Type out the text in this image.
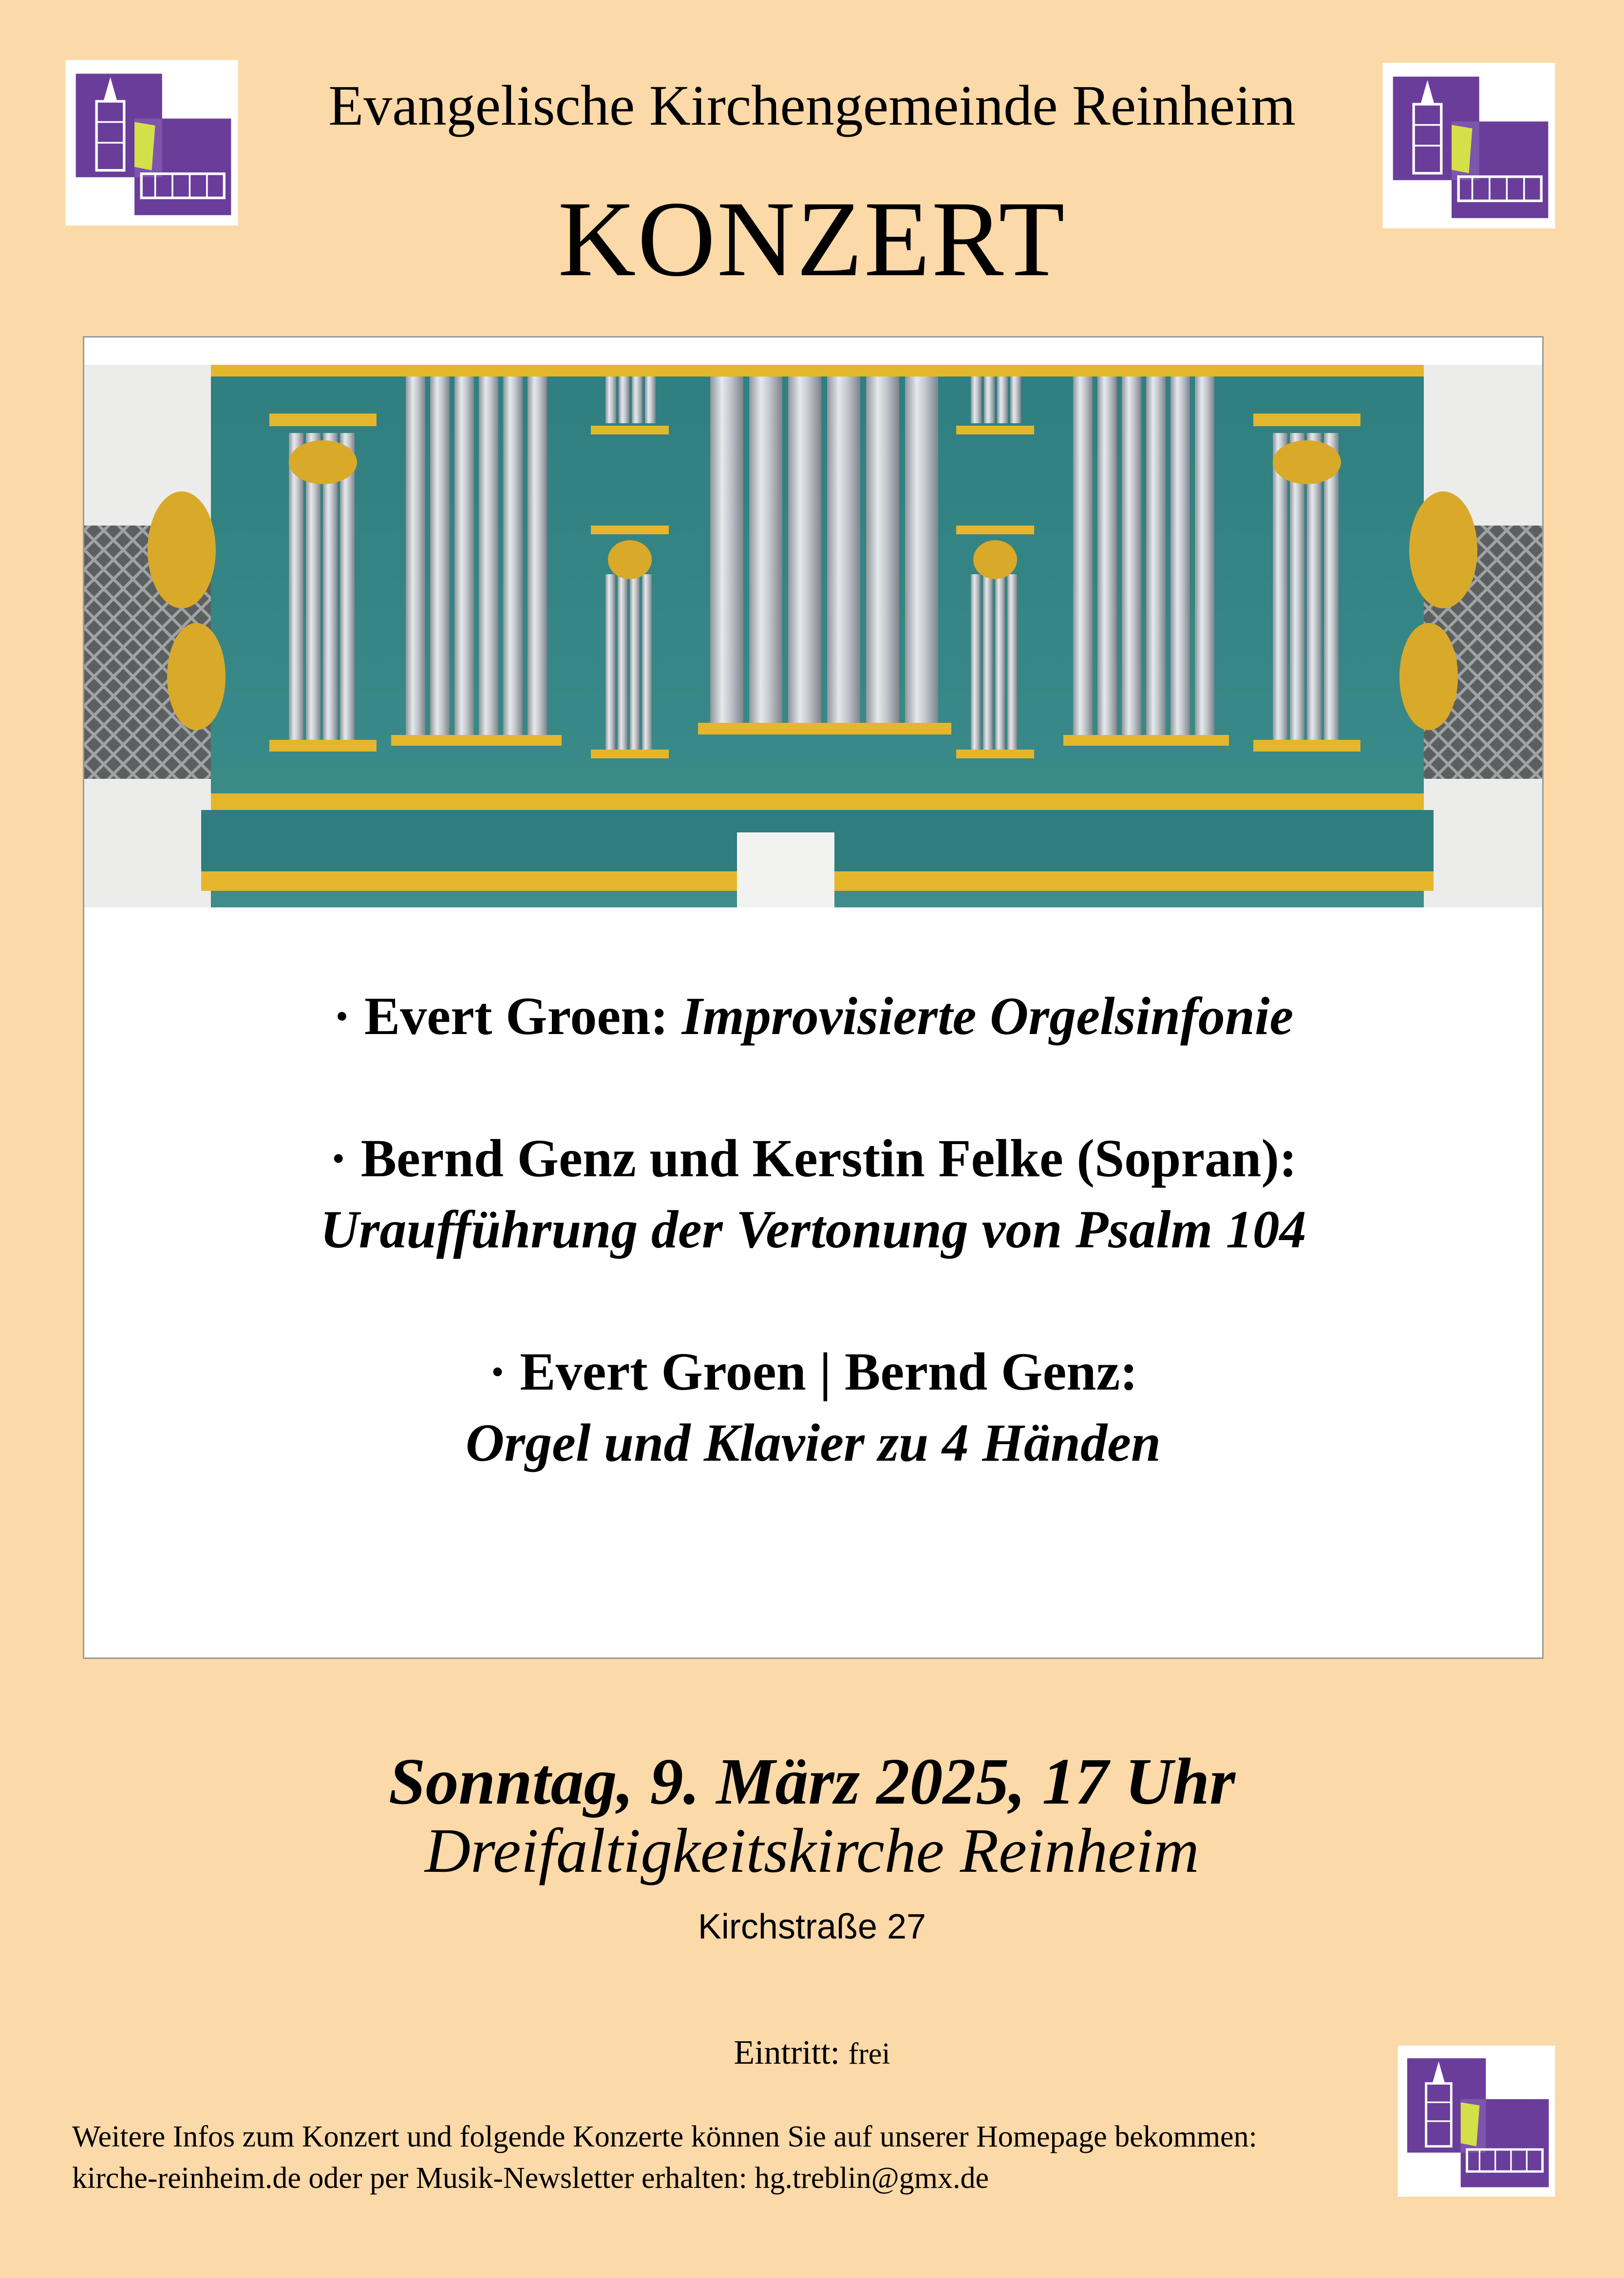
Evangelische Kirchengemeinde Reinheim
KONZERT
· Evert Groen: Improvisierte Orgelsinfonie
· Bernd Genz und Kerstin Felke (Sopran):
Uraufführung der Vertonung von Psalm 104
· Evert Groen | Bernd Genz:
Orgel und Klavier zu 4 Händen
Sonntag, 9. März 2025, 17 Uhr
Dreifaltigkeitskirche Reinheim
Kirchstraße 27
Eintritt: frei
Weitere Infos zum Konzert und folgende Konzerte können Sie auf unserer Homepage bekommen:
kirche-reinheim.de oder per Musik-Newsletter erhalten: hg.treblin@gmx.de
